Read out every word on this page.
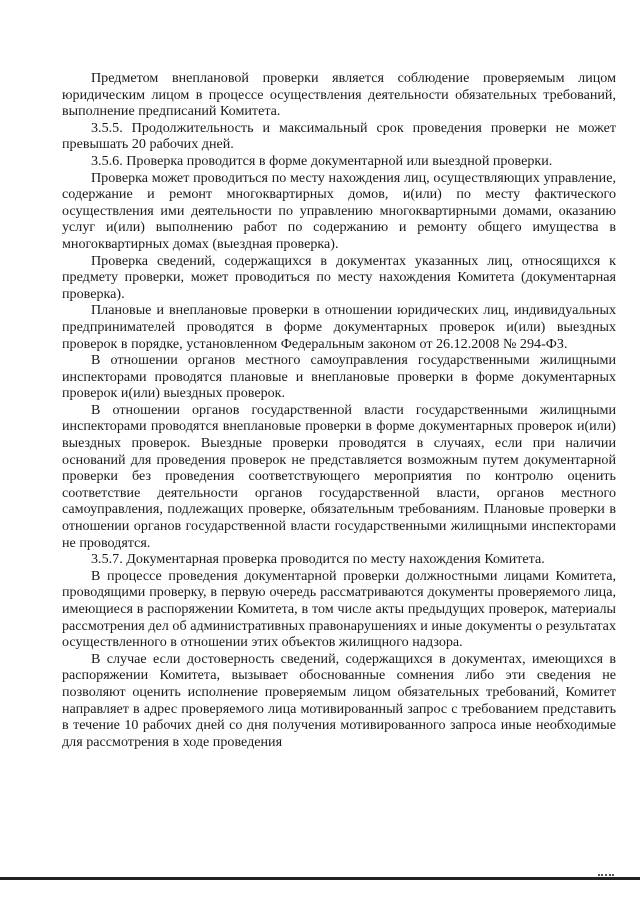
Предметом внеплановой проверки является соблюдение проверяемым лицом юридическим лицом в процессе осуществления деятельности обязательных требований, выполнение предписаний Комитета.

3.5.5. Продолжительность и максимальный срок проведения проверки не может превышать 20 рабочих дней.

3.5.6. Проверка проводится в форме документарной или выездной проверки.

Проверка может проводиться по месту нахождения лиц, осуществляющих управление, содержание и ремонт многоквартирных домов, и(или) по месту фактического осуществления ими деятельности по управлению многоквартирными домами, оказанию услуг и(или) выполнению работ по содержанию и ремонту общего имущества в многоквартирных домах (выездная проверка).

Проверка сведений, содержащихся в документах указанных лиц, относящихся к предмету проверки, может проводиться по месту нахождения Комитета (документарная проверка).

Плановые и внеплановые проверки в отношении юридических лиц, индивидуальных предпринимателей проводятся в форме документарных проверок и(или) выездных проверок в порядке, установленном Федеральным законом от 26.12.2008 № 294-ФЗ.

В отношении органов местного самоуправления государственными жилищными инспекторами проводятся плановые и внеплановые проверки в форме документарных проверок и(или) выездных проверок.

В отношении органов государственной власти государственными жилищными инспекторами проводятся внеплановые проверки в форме документарных проверок и(или) выездных проверок. Выездные проверки проводятся в случаях, если при наличии оснований для проведения проверок не представляется возможным путем документарной проверки без проведения соответствующего мероприятия по контролю оценить соответствие деятельности органов государственной власти, органов местного самоуправления, подлежащих проверке, обязательным требованиям. Плановые проверки в отношении органов государственной власти государственными жилищными инспекторами не проводятся.

3.5.7. Документарная проверка проводится по месту нахождения Комитета.

В процессе проведения документарной проверки должностными лицами Комитета, проводящими проверку, в первую очередь рассматриваются документы проверяемого лица, имеющиеся в распоряжении Комитета, в том числе акты предыдущих проверок, материалы рассмотрения дел об административных правонарушениях и иные документы о результатах осуществленного в отношении этих объектов жилищного надзора.

В случае если достоверность сведений, содержащихся в документах, имеющихся в распоряжении Комитета, вызывает обоснованные сомнения либо эти сведения не позволяют оценить исполнение проверяемым лицом обязательных требований, Комитет направляет в адрес проверяемого лица мотивированный запрос с требованием представить в течение 10 рабочих дней со дня получения мотивированного запроса иные необходимые для рассмотрения в ходе проведения
